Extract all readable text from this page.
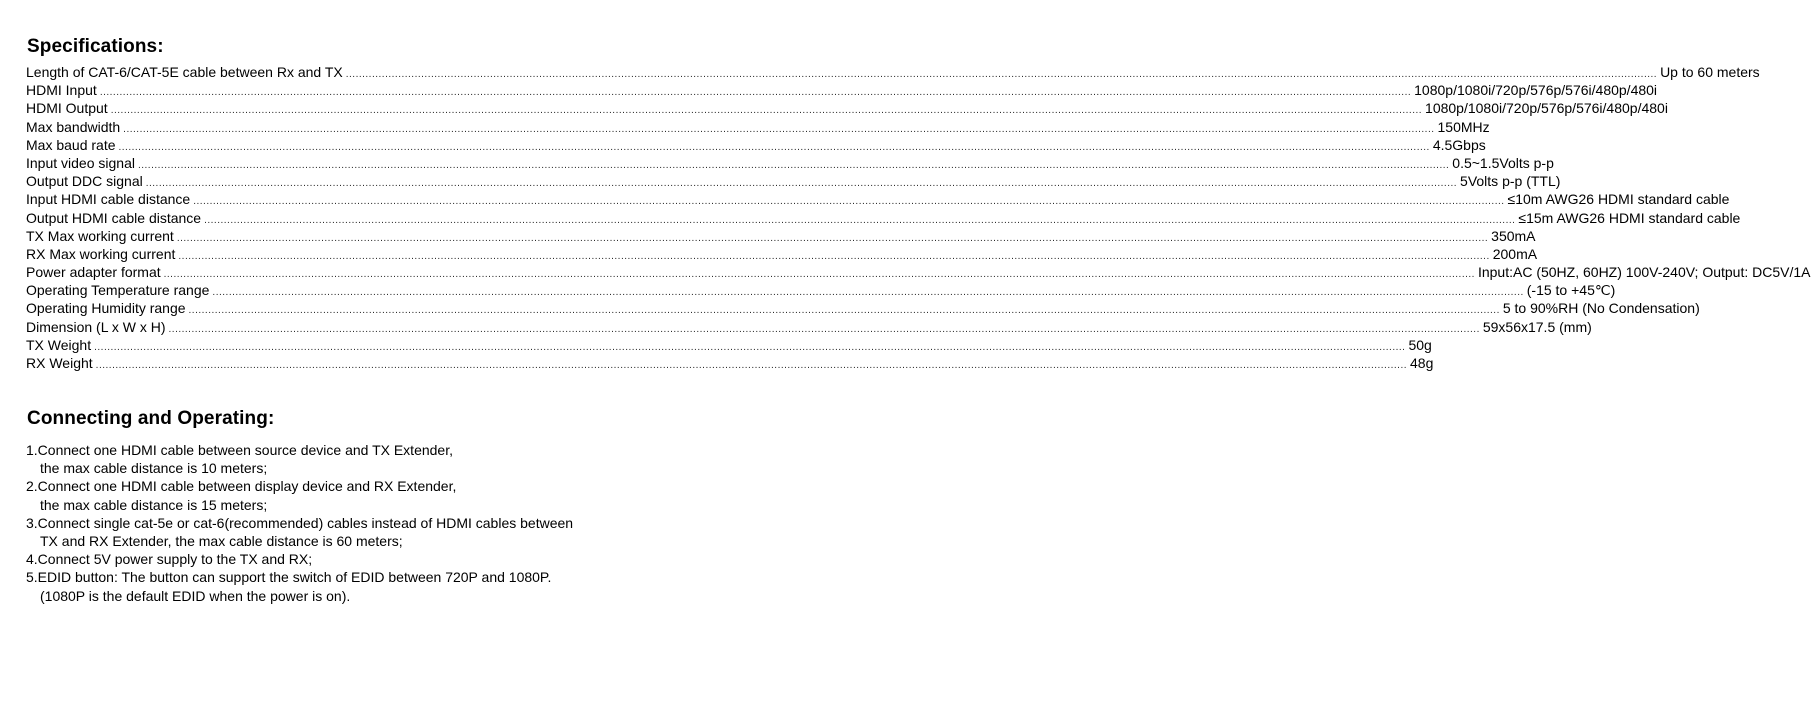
Specifications:
Length of CAT-6/CAT-5E cable between Rx and TX ................................................................................................................................................................................................................................................................................................................................................................................................................ Up to 60 meters
HDMI Input ................................................................................................................................................................................................................................................................................................................................................................................................................ 1080p/1080i/720p/576p/576i/480p/480i
HDMI Output ................................................................................................................................................................................................................................................................................................................................................................................................................ 1080p/1080i/720p/576p/576i/480p/480i
Max bandwidth ................................................................................................................................................................................................................................................................................................................................................................................................................ 150MHz
Max baud rate ................................................................................................................................................................................................................................................................................................................................................................................................................ 4.5Gbps
Input video signal ................................................................................................................................................................................................................................................................................................................................................................................................................ 0.5~1.5Volts p-p
Output DDC signal ................................................................................................................................................................................................................................................................................................................................................................................................................ 5Volts p-p (TTL)
Input HDMI cable distance ................................................................................................................................................................................................................................................................................................................................................................................................................ ≤10m AWG26 HDMI standard cable
Output HDMI cable distance ................................................................................................................................................................................................................................................................................................................................................................................................................ ≤15m AWG26 HDMI standard cable
TX Max working current ................................................................................................................................................................................................................................................................................................................................................................................................................ 350mA
RX Max working current ................................................................................................................................................................................................................................................................................................................................................................................................................ 200mA
Power adapter format ................................................................................................................................................................................................................................................................................................................................................................................................................ Input:AC (50HZ, 60HZ) 100V-240V; Output: DC5V/1A
Operating Temperature range ................................................................................................................................................................................................................................................................................................................................................................................................................ (-15 to +45℃)
Operating Humidity range ................................................................................................................................................................................................................................................................................................................................................................................................................ 5 to 90%RH (No Condensation)
Dimension (L x W x H) ................................................................................................................................................................................................................................................................................................................................................................................................................ 59x56x17.5 (mm)
TX Weight ................................................................................................................................................................................................................................................................................................................................................................................................................ 50g
RX Weight ................................................................................................................................................................................................................................................................................................................................................................................................................ 48g
Connecting and Operating:
1.Connect one HDMI cable between source device and TX Extender,
the max cable distance is 10 meters;
2.Connect one HDMI cable between display device and RX Extender,
the max cable distance is 15 meters;
3.Connect single cat-5e or cat-6(recommended) cables instead of HDMI cables between
TX and RX Extender, the max cable distance is 60 meters;
4.Connect 5V power supply to the TX and RX;
5.EDID button: The button can support the switch of EDID between 720P and 1080P.
(1080P is the default EDID when the power is on).
